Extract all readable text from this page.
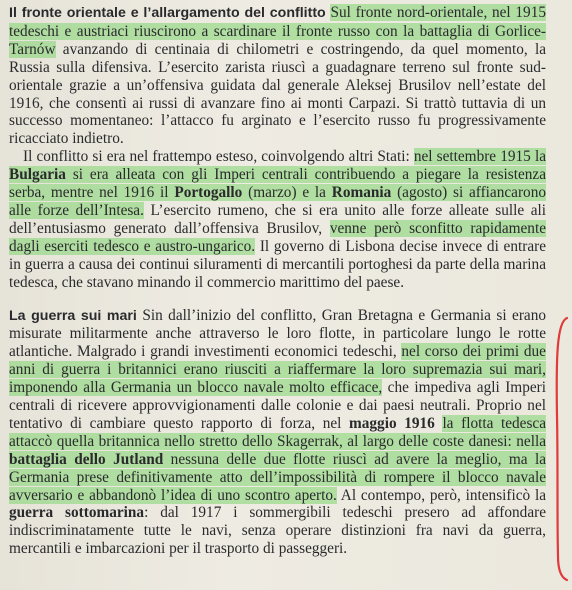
Il fronte orientale e l’allargamento del conflitto Sul fronte nord-orientale, nel 1915 tedeschi e austriaci riuscirono a scardinare il fronte russo con la battaglia di Gorlice-Tarnów avanzando di centinaia di chilometri e costringendo, da quel momento, la Russia sulla difensiva. L’esercito zarista riuscì a guadagnare terreno sul fronte sud-orientale grazie a un’offensiva guidata dal generale Aleksej Brusilov nell’estate del 1916, che consentì ai russi di avanzare fino ai monti Carpazi. Si trattò tuttavia di un successo momentaneo: l’attacco fu arginato e l’esercito russo fu progressivamente ricacciato indietro.

Il conflitto si era nel frattempo esteso, coinvolgendo altri Stati: nel settembre 1915 la Bulgaria si era alleata con gli Imperi centrali contribuendo a piegare la resistenza serba, mentre nel 1916 il Portogallo (marzo) e la Romania (agosto) si affiancarono alle forze dell’Intesa. L’esercito rumeno, che si era unito alle forze alleate sulle ali dell’entusiasmo generato dall’offensiva Brusilov, venne però sconfitto rapidamente dagli eserciti tedesco e austro-ungarico. Il governo di Lisbona decise invece di entrare in guerra a causa dei continui siluramenti di mercantili portoghesi da parte della marina tedesca, che stavano minando il commercio marittimo del paese.

La guerra sui mari Sin dall’inizio del conflitto, Gran Bretagna e Germania si erano misurate militarmente anche attraverso le loro flotte, in particolare lungo le rotte atlantiche. Malgrado i grandi investimenti economici tedeschi, nel corso dei primi due anni di guerra i britannici erano riusciti a riaffermare la loro supremazia sui mari, imponendo alla Germania un blocco navale molto efficace, che impediva agli Imperi centrali di ricevere approvvigionamenti dalle colonie e dai paesi neutrali. Proprio nel tentativo di cambiare questo rapporto di forza, nel maggio 1916 la flotta tedesca attaccò quella britannica nello stretto dello Skagerrak, al largo delle coste danesi: nella battaglia dello Jutland nessuna delle due flotte riuscì ad avere la meglio, ma la Germania prese definitivamente atto dell’impossibilità di rompere il blocco navale avversario e abbandonò l’idea di uno scontro aperto. Al contempo, però, intensificò la guerra sottomarina: dal 1917 i sommergibili tedeschi presero ad affondare indiscriminatamente tutte le navi, senza operare distinzioni fra navi da guerra, mercantili e imbarcazioni per il trasporto di passeggeri.
